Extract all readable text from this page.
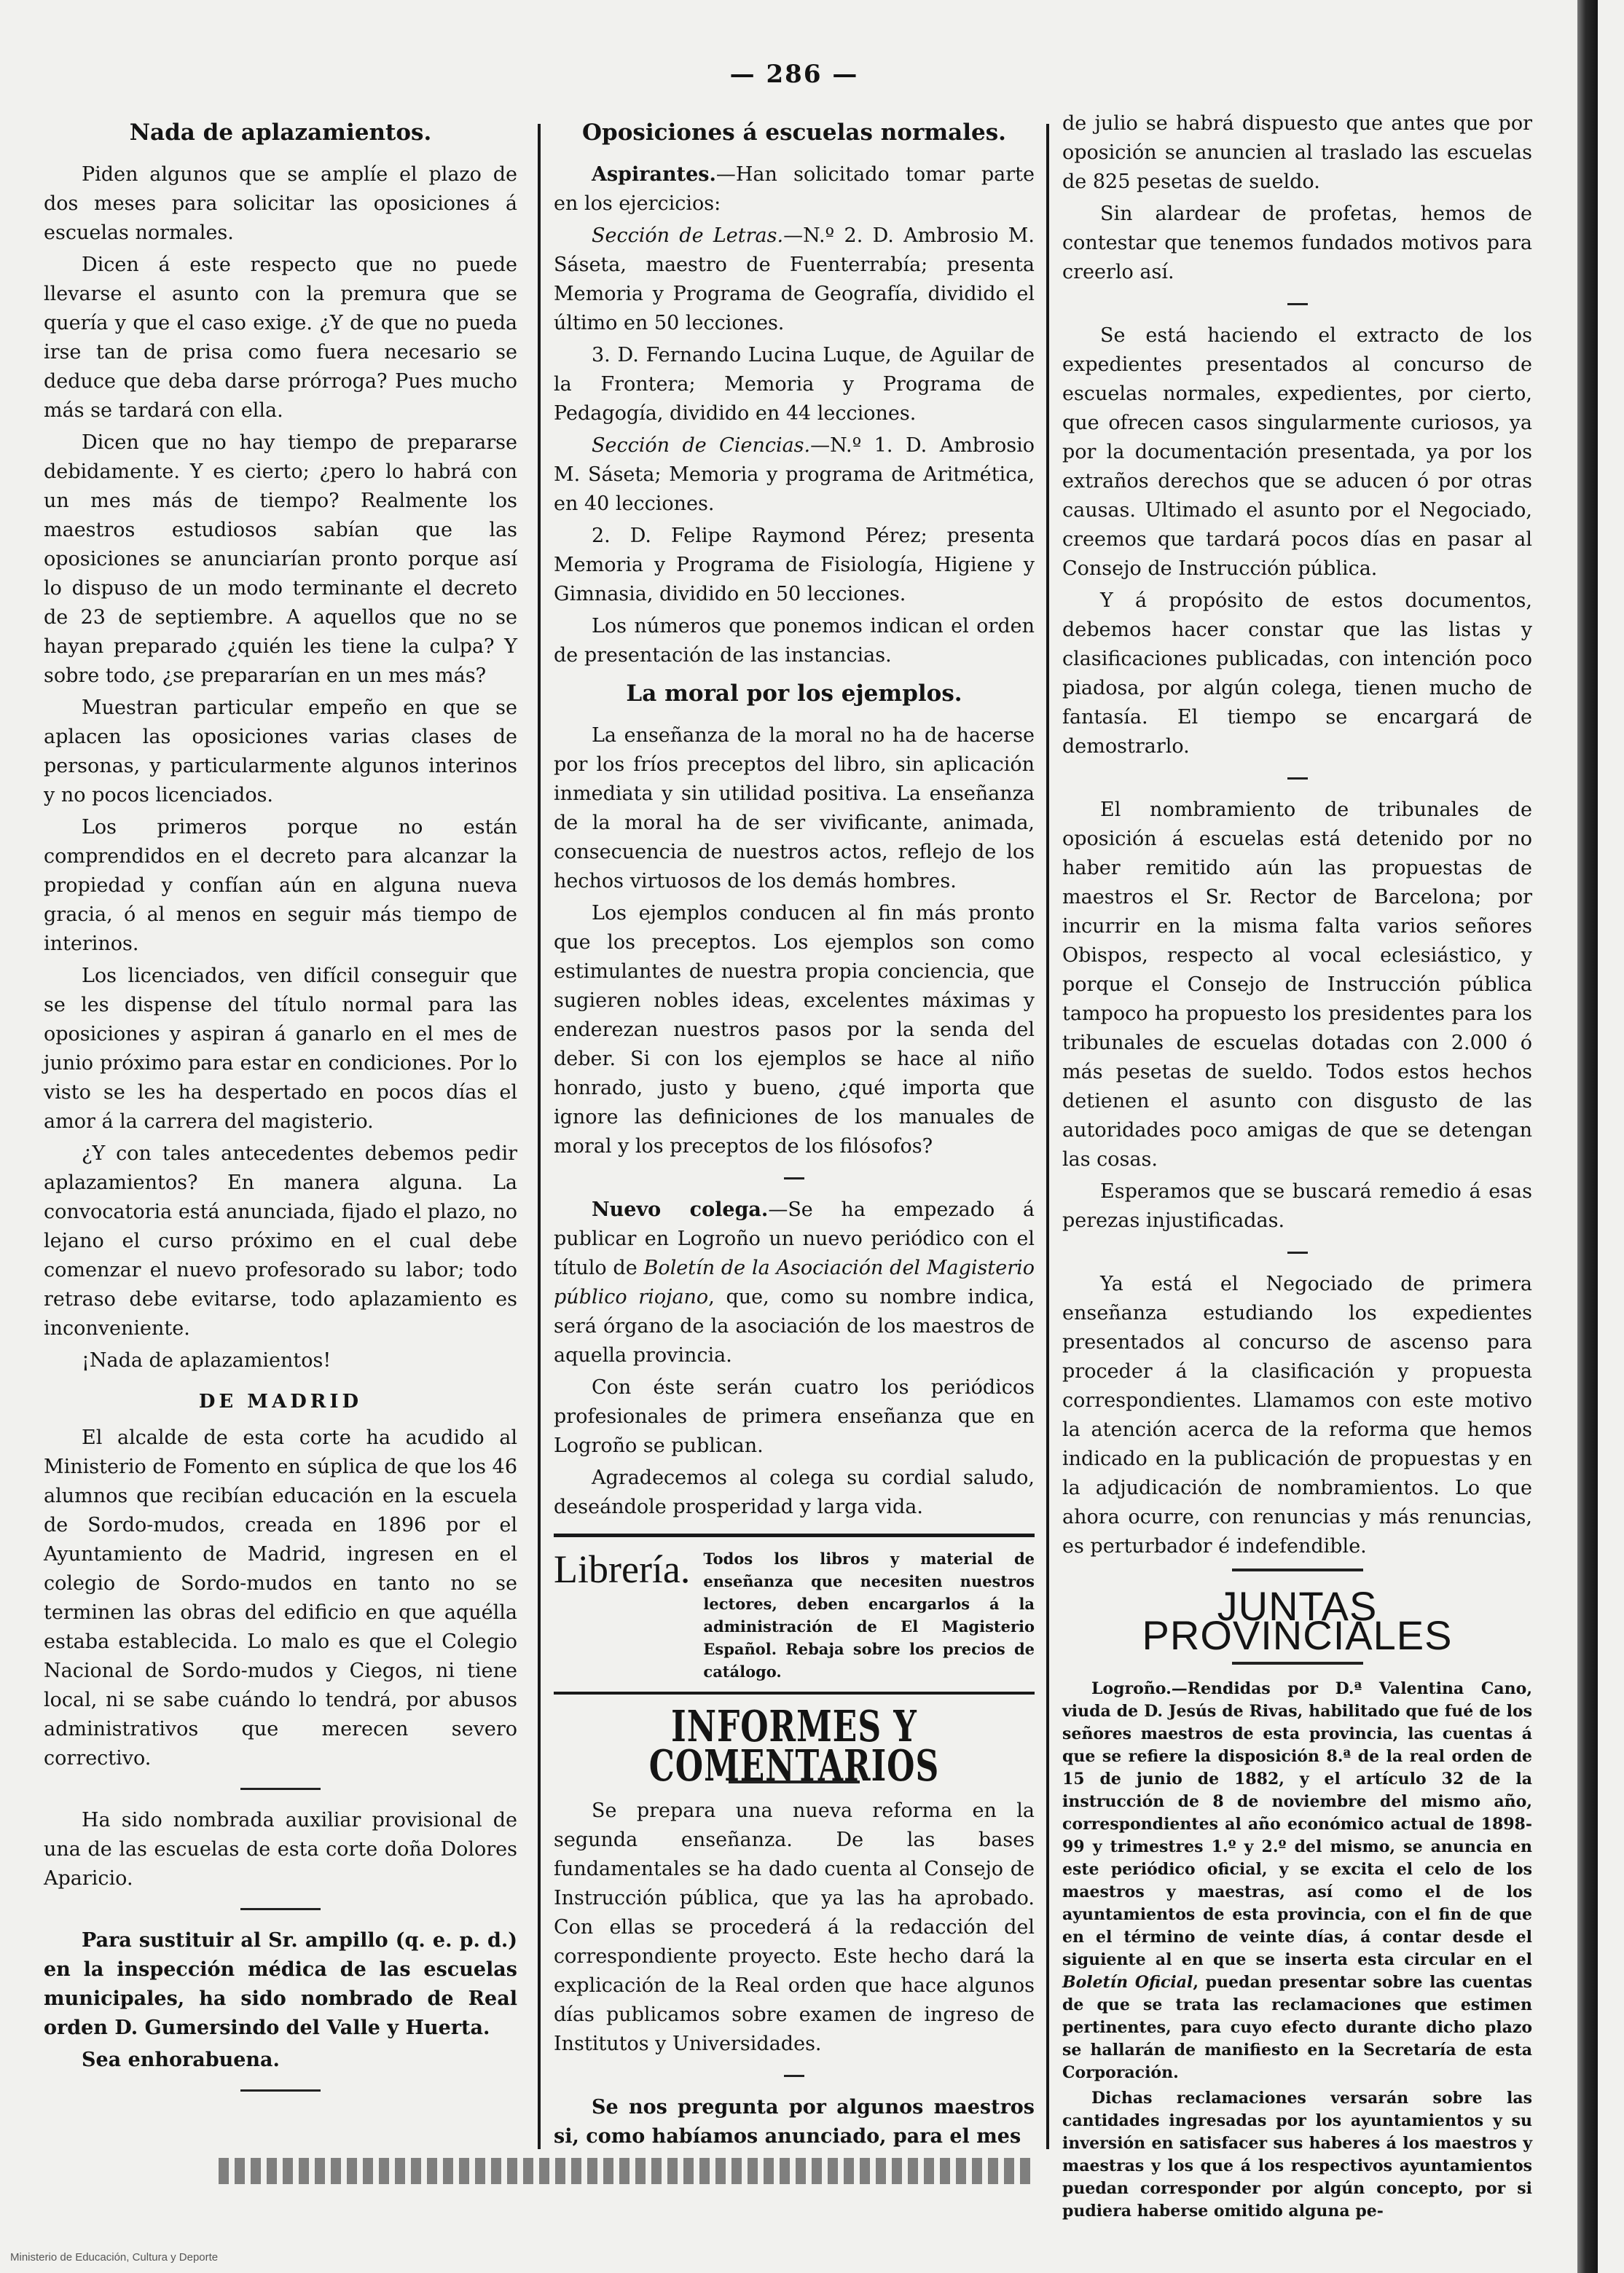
— 286 —
Nada de aplazamientos.

Piden algunos que se amplíe el plazo de dos meses para solicitar las oposiciones á escuelas normales.

Dicen á este respecto que no puede llevarse el asunto con la premura que se quería y que el caso exige. ¿Y de que no pueda irse tan de prisa como fuera necesario se deduce que deba darse prórroga? Pues mucho más se tardará con ella.

Dicen que no hay tiempo de prepararse debidamente. Y es cierto; ¿pero lo habrá con un mes más de tiempo? Realmente los maestros estudiosos sabían que las oposiciones se anunciarían pronto porque así lo dispuso de un modo terminante el decreto de 23 de septiembre. A aquellos que no se hayan preparado ¿quién les tiene la culpa? Y sobre todo, ¿se prepararían en un mes más?

Muestran particular empeño en que se aplacen las oposiciones varias clases de personas, y particularmente algunos interinos y no pocos licenciados.

Los primeros porque no están comprendidos en el decreto para alcanzar la propiedad y confían aún en alguna nueva gracia, ó al menos en seguir más tiempo de interinos.

Los licenciados, ven difícil conseguir que se les dispense del título normal para las oposiciones y aspiran á ganarlo en el mes de junio próximo para estar en condiciones. Por lo visto se les ha despertado en pocos días el amor á la carrera del magisterio.

¿Y con tales antecedentes debemos pedir aplazamientos? En manera alguna. La convocatoria está anunciada, fijado el plazo, no lejano el curso próximo en el cual debe comenzar el nuevo profesorado su labor; todo retraso debe evitarse, todo aplazamiento es inconveniente.

¡Nada de aplazamientos!

DE MADRID

El alcalde de esta corte ha acudido al Ministerio de Fomento en súplica de que los 46 alumnos que recibían educación en la escuela de Sordo-mudos, creada en 1896 por el Ayuntamiento de Madrid, ingresen en el colegio de Sordo-mudos en tanto no se terminen las obras del edificio en que aquélla estaba establecida. Lo malo es que el Colegio Nacional de Sordo-mudos y Ciegos, ni tiene local, ni se sabe cuándo lo tendrá, por abusos administrativos que merecen severo correctivo.

Ha sido nombrada auxiliar provisional de una de las escuelas de esta corte doña Dolores Aparicio.

Para sustituir al Sr. ampillo (q. e. p. d.) en la inspección médica de las escuelas municipales, ha sido nombrado de Real orden D. Gumersindo del Valle y Huerta.

Sea enhorabuena.

Oposiciones á escuelas normales.

Aspirantes.—Han solicitado tomar parte en los ejercicios:

Sección de Letras.—N.º 2. D. Ambrosio M. Sáseta, maestro de Fuenterrabía; presenta Memoria y Programa de Geografía, dividido el último en 50 lecciones.

3. D. Fernando Lucina Luque, de Aguilar de la Frontera; Memoria y Programa de Pedagogía, dividido en 44 lecciones.

Sección de Ciencias.—N.º 1. D. Ambrosio M. Sáseta; Memoria y programa de Aritmética, en 40 lecciones.

2. D. Felipe Raymond Pérez; presenta Memoria y Programa de Fisiología, Higiene y Gimnasia, dividido en 50 lecciones.

Los números que ponemos indican el orden de presentación de las instancias.

La moral por los ejemplos.

La enseñanza de la moral no ha de hacerse por los fríos preceptos del libro, sin aplicación inmediata y sin utilidad positiva. La enseñanza de la moral ha de ser vivificante, animada, consecuencia de nuestros actos, reflejo de los hechos virtuosos de los demás hombres.

Los ejemplos conducen al fin más pronto que los preceptos. Los ejemplos son como estimulantes de nuestra propia conciencia, que sugieren nobles ideas, excelentes máximas y enderezan nuestros pasos por la senda del deber. Si con los ejemplos se hace al niño honrado, justo y bueno, ¿qué importa que ignore las definiciones de los manuales de moral y los preceptos de los filósofos?

Nuevo colega.—Se ha empezado á publicar en Logroño un nuevo periódico con el título de Boletín de la Asociación del Magisterio público riojano, que, como su nombre indica, será órgano de la asociación de los maestros de aquella provincia.

Con éste serán cuatro los periódicos profesionales de primera enseñanza que en Logroño se publican.

Agradecemos al colega su cordial saludo, deseándole prosperidad y larga vida.

Librería. Todos los libros y material de enseñanza que necesiten nuestros lectores, deben encargarlos á la administración de El Magisterio Español. Rebaja sobre los precios de catálogo.
INFORMES Y COMENTARIOS

Se prepara una nueva reforma en la segunda enseñanza. De las bases fundamentales se ha dado cuenta al Consejo de Instrucción pública, que ya las ha aprobado. Con ellas se procederá á la redacción del correspondiente proyecto. Este hecho dará la explicación de la Real orden que hace algunos días publicamos sobre examen de ingreso de Institutos y Universidades.

Se nos pregunta por algunos maestros si, como habíamos anunciado, para el mes

de julio se habrá dispuesto que antes que por oposición se anuncien al traslado las escuelas de 825 pesetas de sueldo.

Sin alardear de profetas, hemos de contestar que tenemos fundados motivos para creerlo así.

Se está haciendo el extracto de los expedientes presentados al concurso de escuelas normales, expedientes, por cierto, que ofrecen casos singularmente curiosos, ya por la documentación presentada, ya por los extraños derechos que se aducen ó por otras causas. Ultimado el asunto por el Negociado, creemos que tardará pocos días en pasar al Consejo de Instrucción pública.

Y á propósito de estos documentos, debemos hacer constar que las listas y clasificaciones publicadas, con intención poco piadosa, por algún colega, tienen mucho de fantasía. El tiempo se encargará de demostrarlo.

El nombramiento de tribunales de oposición á escuelas está detenido por no haber remitido aún las propuestas de maestros el Sr. Rector de Barcelona; por incurrir en la misma falta varios señores Obispos, respecto al vocal eclesiástico, y porque el Consejo de Instrucción pública tampoco ha propuesto los presidentes para los tribunales de escuelas dotadas con 2.000 ó más pesetas de sueldo. Todos estos hechos detienen el asunto con disgusto de las autoridades poco amigas de que se detengan las cosas.

Esperamos que se buscará remedio á esas perezas injustificadas.

Ya está el Negociado de primera enseñanza estudiando los expedientes presentados al concurso de ascenso para proceder á la clasificación y propuesta correspondientes. Llamamos con este motivo la atención acerca de la reforma que hemos indicado en la publicación de propuestas y en la adjudicación de nombramientos. Lo que ahora ocurre, con renuncias y más renuncias, es perturbador é indefendible.

JUNTAS PROVINCIALES

Logroño.—Rendidas por D.ª Valentina Cano, viuda de D. Jesús de Rivas, habilitado que fué de los señores maestros de esta provincia, las cuentas á que se refiere la disposición 8.ª de la real orden de 15 de junio de 1882, y el artículo 32 de la instrucción de 8 de noviembre del mismo año, correspondientes al año económico actual de 1898-99 y trimestres 1.º y 2.º del mismo, se anuncia en este periódico oficial, y se excita el celo de los maestros y maestras, así como el de los ayuntamientos de esta provincia, con el fin de que en el término de veinte días, á contar desde el siguiente al en que se inserta esta circular en el Boletín Oficial, puedan presentar sobre las cuentas de que se trata las reclamaciones que estimen pertinentes, para cuyo efecto durante dicho plazo se hallarán de manifiesto en la Secretaría de esta Corporación.

Dichas reclamaciones versarán sobre las cantidades ingresadas por los ayuntamientos y su inversión en satisfacer sus haberes á los maestros y maestras y los que á los respectivos ayuntamientos puedan corresponder por algún concepto, por si pudiera haberse omitido alguna pe-

Ministerio de Educación, Cultura y Deporte
